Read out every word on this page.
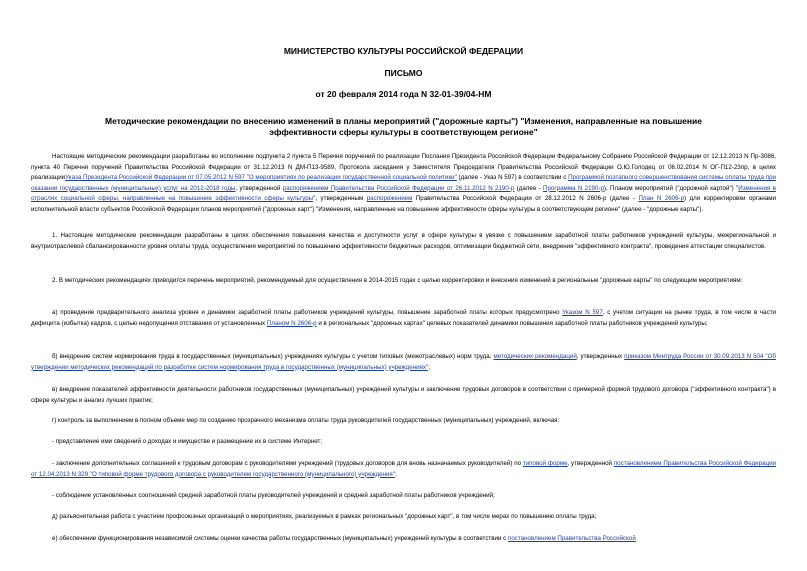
МИНИСТЕРСТВО КУЛЬТУРЫ РОССИЙСКОЙ ФЕДЕРАЦИИ
ПИСЬМО
от 20 февраля 2014 года N 32-01-39/04-НМ
Методические рекомендации по внесению изменений в планы мероприятий ("дорожные карты") "Изменения, направленные на повышение эффективности сферы культуры в соответствующем регионе"
Настоящие методические рекомендации разработаны во исполнение подпункта 2 пункта 5 Перечня поручений по реализации Послания Президента Российской Федерации Федеральному Собранию Российской Федерации от 12.12.2013 N Пр-3086, пункта 40 Перечня поручений Правительства Российской Федерации от 31.12.2013 N ДМ-П13-9589, Протокола заседания у Заместителя Председателя Правительства Российской Федерации О.Ю.Голодец от 06.02.2014 N ОГ-П12-23пр, в целях реализацииУказа Президента Российской Федерации от 07.05.2012 N 597 "О мероприятиях по реализации государственной социальной политики" (далее - Указ N 597) в соответствии с Программой поэтапного совершенствования системы оплаты труда при оказании государственных (муниципальных) услуг на 2012-2018 годы, утвержденной распоряжением Правительства Российской Федерации от 26.11.2012 N 2190-р (далее - Программа N 2190-р), Планом мероприятий ("дорожной картой") "Изменения в отраслях социальной сферы, направленные на повышение эффективности сферы культуры", утвержденным распоряжением Правительства Российской Федерации от 28.12.2012 N 2606-р (далее - План N 2606-р) для корректировки органами исполнительной власти субъектов Российской Федерации планов мероприятий ("дорожных карт") "Изменения, направленные на повышение эффективности сферы культуры в соответствующем регионе" (далее - "дорожные карты").
1. Настоящие методические рекомендации разработаны в целях обеспечения повышения качества и доступности услуг в сфере культуры в увязке с повышением заработной платы работников учреждений культуры, межрегиональной и внутриотраслевой сбалансированности уровня оплаты труда, осуществления мероприятий по повышению эффективности бюджетных расходов, оптимизации бюджетной сети, внедрения "эффективного контракта", проведения аттестации специалистов.
2. В методических рекомендациях приводится перечень мероприятий, рекомендуемый для осуществления в 2014-2015 годах с целью корректировки и внесения изменений в региональные "дорожные карты" по следующим мероприятиям:
а) проведение предварительного анализа уровня и динамики заработной платы работников учреждений культуры, повышение заработной платы которых предусмотрено Указом N 597, с учетом ситуации на рынке труда, в том числе в части дефицита (избытка) кадров, с целью недопущения отставания от установленных Планом N 2606-р и в региональных "дорожных картах" целевых показателей динамики повышения заработной платы работников учреждений культуры;
б) внедрение систем нормирования труда в государственных (муниципальных) учреждениях культуры с учетом типовых (межотраслевых) норм труда, методических рекомендаций, утвержденных приказом Минтруда России от 30.09.2013 N 504 "Об утверждении методических рекомендаций по разработке систем нормирования труда в государственных (муниципальных) учреждениях";
в) внедрение показателей эффективности деятельности работников государственных (муниципальных) учреждений культуры и заключение трудовых договоров в соответствии с примерной формой трудового договора ("эффективного контракта") в сфере культуры и анализ лучших практик;
г) контроль за выполнением в полном объеме мер по созданию прозрачного механизма оплаты труда руководителей государственных (муниципальных) учреждений, включая:
- представление ими сведений о доходах и имуществе и размещение их в системе Интернет;
- заключение дополнительных соглашений к трудовым договорам с руководителями учреждений (трудовых договоров для вновь назначаемых руководителей) по типовой форме, утвержденной постановлением Правительства Российской Федерации от 12.04.2013 N 329 "О типовой форме трудового договора с руководителем государственного (муниципального) учреждения";
- соблюдение установленных соотношений средней заработной платы руководителей учреждений и средней заработной платы работников учреждений;
д) разъяснительная работа с участием профсоюзных организаций о мероприятиях, реализуемых в рамках региональных "дорожных карт", в том числе мерах по повышению оплаты труда;
е) обеспечение функционирования независимой системы оценки качества работы государственных (муниципальных) учреждений культуры в соответствии с постановлением Правительства Российской
